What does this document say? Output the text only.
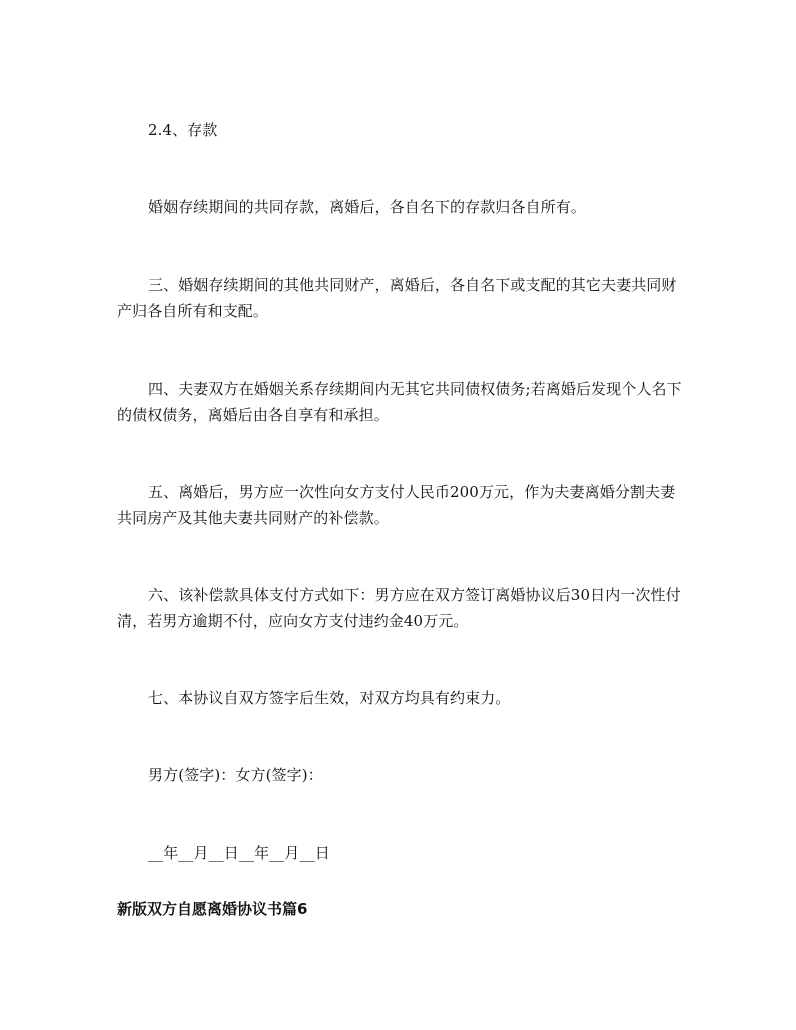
2.4、存款

婚姻存续期间的共同存款，离婚后，各自名下的存款归各自所有。

三、婚姻存续期间的其他共同财产，离婚后，各自名下或支配的其它夫妻共同财产归各自所有和支配。

四、夫妻双方在婚姻关系存续期间内无其它共同债权债务;若离婚后发现个人名下的债权债务，离婚后由各自享有和承担。

五、离婚后，男方应一次性向女方支付人民币200万元，作为夫妻离婚分割夫妻共同房产及其他夫妻共同财产的补偿款。

六、该补偿款具体支付方式如下：男方应在双方签订离婚协议后30日内一次性付清，若男方逾期不付，应向女方支付违约金40万元。

七、本协议自双方签字后生效，对双方均具有约束力。

男方(签字)：女方(签字)：

__年__月__日__年__月__日

新版双方自愿离婚协议书篇6
